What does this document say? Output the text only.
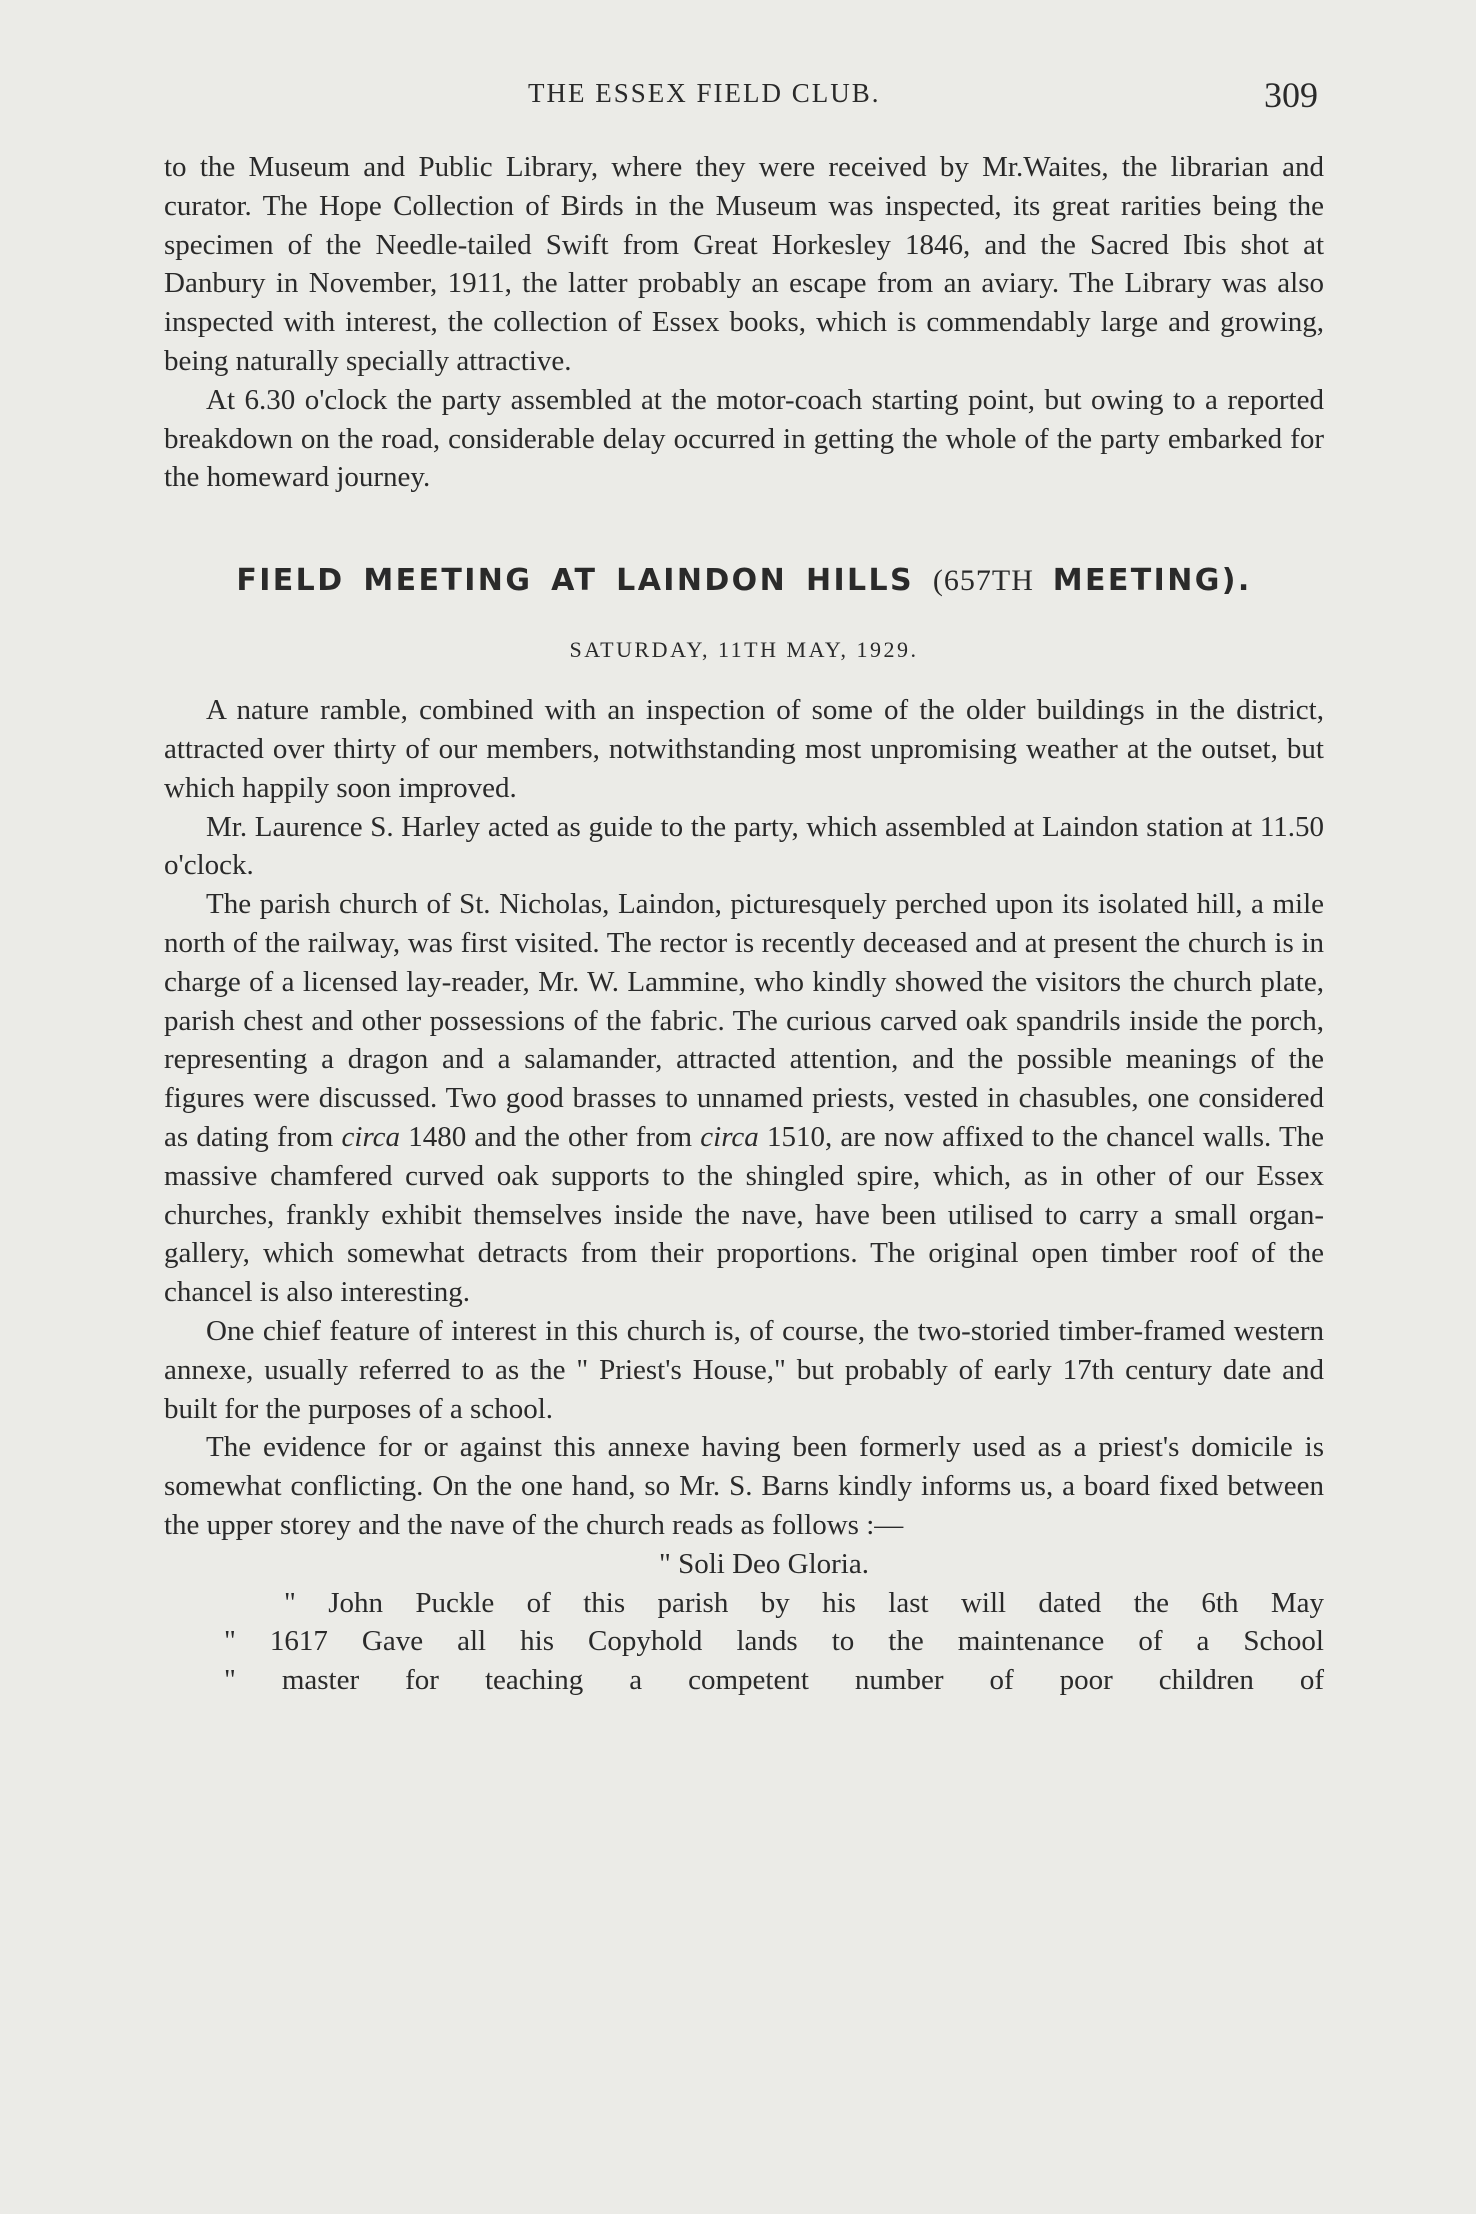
THE ESSEX FIELD CLUB.	309

to the Museum and Public Library, where they were received by Mr.Waites, the librarian and curator. The Hope Collection of Birds in the Museum was inspected, its great rarities being the specimen of the Needle-tailed Swift from Great Horkesley 1846, and the Sacred Ibis shot at Danbury in November, 1911, the latter probably an escape from an aviary. The Library was also inspected with interest, the collection of Essex books, which is commendably large and growing, being naturally specially attractive.

At 6.30 o'clock the party assembled at the motor-coach starting point, but owing to a reported breakdown on the road, considerable delay occurred in getting the whole of the party embarked for the homeward journey.

FIELD MEETING AT LAINDON HILLS (657TH MEETING).
SATURDAY, 11TH MAY, 1929.

A nature ramble, combined with an inspection of some of the older buildings in the district, attracted over thirty of our members, notwithstanding most unpromising weather at the outset, but which happily soon improved.

Mr. Laurence S. Harley acted as guide to the party, which assembled at Laindon station at 11.50 o'clock.

The parish church of St. Nicholas, Laindon, picturesquely perched upon its isolated hill, a mile north of the railway, was first visited. The rector is recently deceased and at present the church is in charge of a licensed lay-reader, Mr. W. Lammine, who kindly showed the visitors the church plate, parish chest and other possessions of the fabric. The curious carved oak spandrils inside the porch, representing a dragon and a salamander, attracted attention, and the possible meanings of the figures were discussed. Two good brasses to unnamed priests, vested in chasubles, one considered as dating from circa 1480 and the other from circa 1510, are now affixed to the chancel walls. The massive chamfered curved oak supports to the shingled spire, which, as in other of our Essex churches, frankly exhibit themselves inside the nave, have been utilised to carry a small organ-gallery, which somewhat detracts from their proportions. The original open timber roof of the chancel is also interesting.

One chief feature of interest in this church is, of course, the two-storied timber-framed western annexe, usually referred to as the " Priest's House," but probably of early 17th century date and built for the purposes of a school.

The evidence for or against this annexe having been formerly used as a priest's domicile is somewhat conflicting. On the one hand, so Mr. S. Barns kindly informs us, a board fixed between the upper storey and the nave of the church reads as follows :—

" Soli Deo Gloria.
" John Puckle of this parish by his last will dated the 6th May
" 1617 Gave all his Copyhold lands to the maintenance of a School
" master for teaching a competent number of poor children of
